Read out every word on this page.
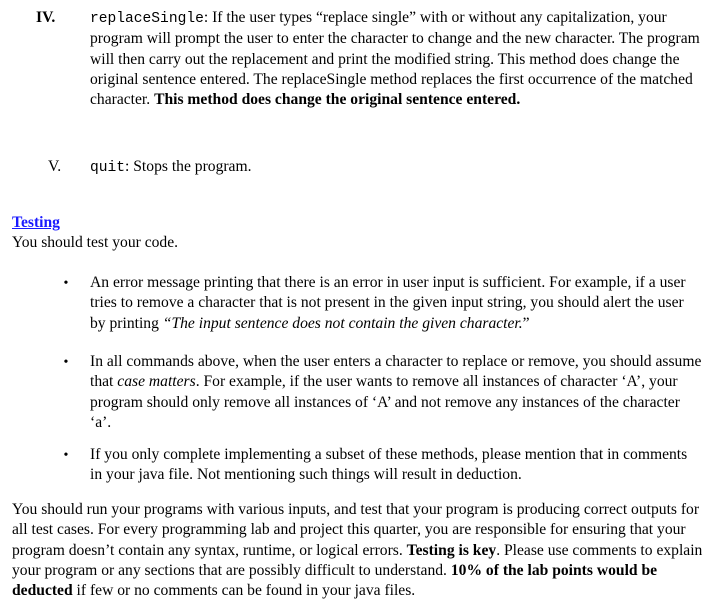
IV. replaceSingle: If the user types “replace single” with or without any capitalization, your program will prompt the user to enter the character to change and the new character. The program will then carry out the replacement and print the modified string. This method does change the original sentence entered. The replaceSingle method replaces the first occurrence of the matched character. This method does change the original sentence entered.

V. quit: Stops the program.

Testing

You should test your code.

• An error message printing that there is an error in user input is sufficient. For example, if a user tries to remove a character that is not present in the given input string, you should alert the user by printing “The input sentence does not contain the given character.”

• In all commands above, when the user enters a character to replace or remove, you should assume that case matters. For example, if the user wants to remove all instances of character ‘A’, your program should only remove all instances of ‘A’ and not remove any instances of the character ‘a’.

• If you only complete implementing a subset of these methods, please mention that in comments in your java file. Not mentioning such things will result in deduction.

You should run your programs with various inputs, and test that your program is producing correct outputs for all test cases. For every programming lab and project this quarter, you are responsible for ensuring that your program doesn’t contain any syntax, runtime, or logical errors. Testing is key. Please use comments to explain your program or any sections that are possibly difficult to understand. 10% of the lab points would be deducted if few or no comments can be found in your java files.
